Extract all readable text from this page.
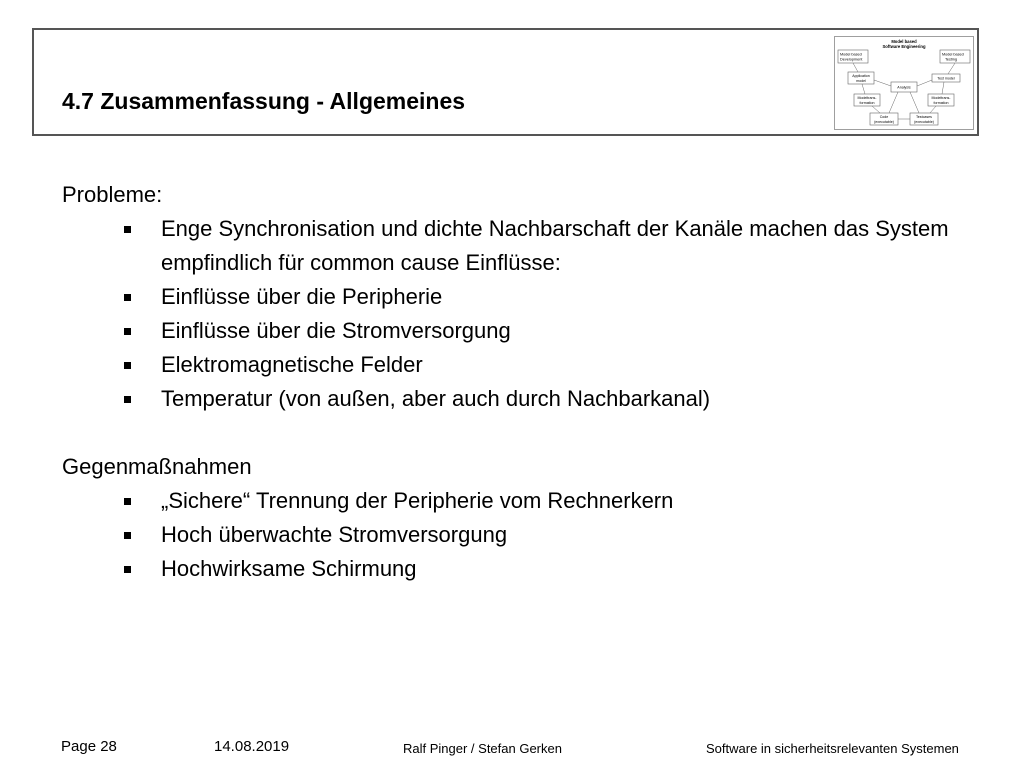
Model based
Software Engineering
Model based
Development
Model based
Testing
Application
model
Test model
Analysis
Modeltrans-
formation
Modeltrans-
formation
Code
(executable)
Testcases
(executable)
4.7 Zusammenfassung - Allgemeines

Probleme:

Enge Synchronisation und dichte Nachbarschaft der Kanäle machen das System empfindlich für common cause Einflüsse:
Einflüsse über die Peripherie
Einflüsse über die Stromversorgung
Elektromagnetische Felder
Temperatur (von außen, aber auch durch Nachbarkanal)

Gegenmaßnahmen

„Sichere“ Trennung der Peripherie vom Rechnerkern
Hoch überwachte Stromversorgung
Hochwirksame Schirmung
Page 28	14.08.2019	Ralf Pinger / Stefan Gerken	Software in sicherheitsrelevanten Systemen
